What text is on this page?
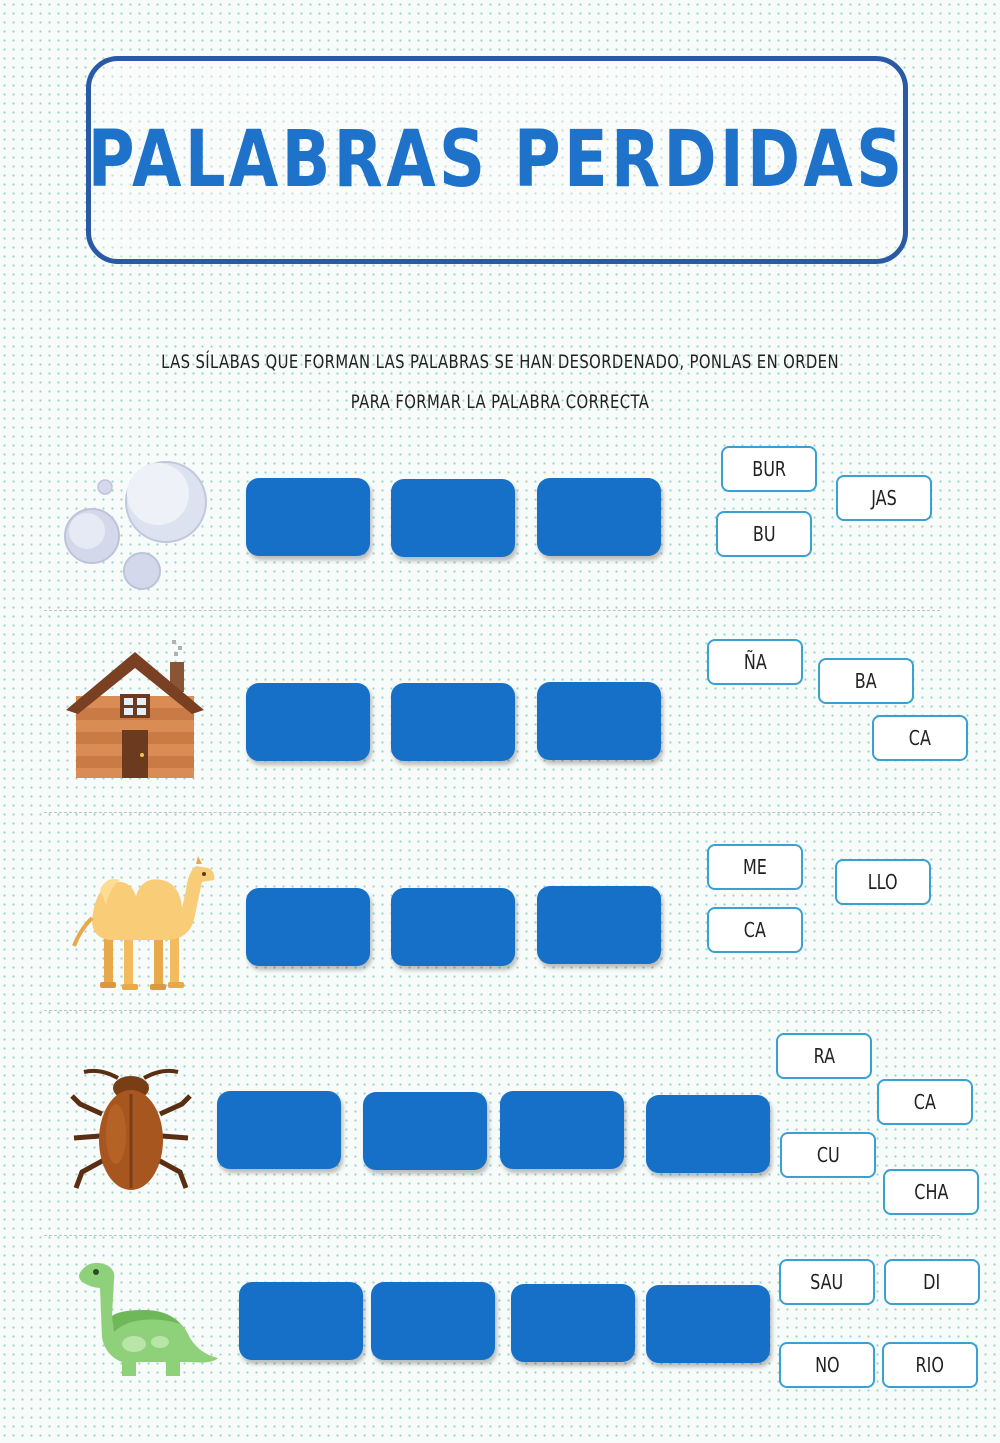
PALABRAS PERDIDAS
LAS SÍLABAS QUE FORMAN LAS PALABRAS SE HAN DESORDENADO, PONLAS EN ORDEN
PARA FORMAR LA PALABRA CORRECTA
BUR
JAS
BU
ÑA
BA
CA
ME
LLO
CA
RA
CA
CU
CHA
SAU	DI
NO	RIO
